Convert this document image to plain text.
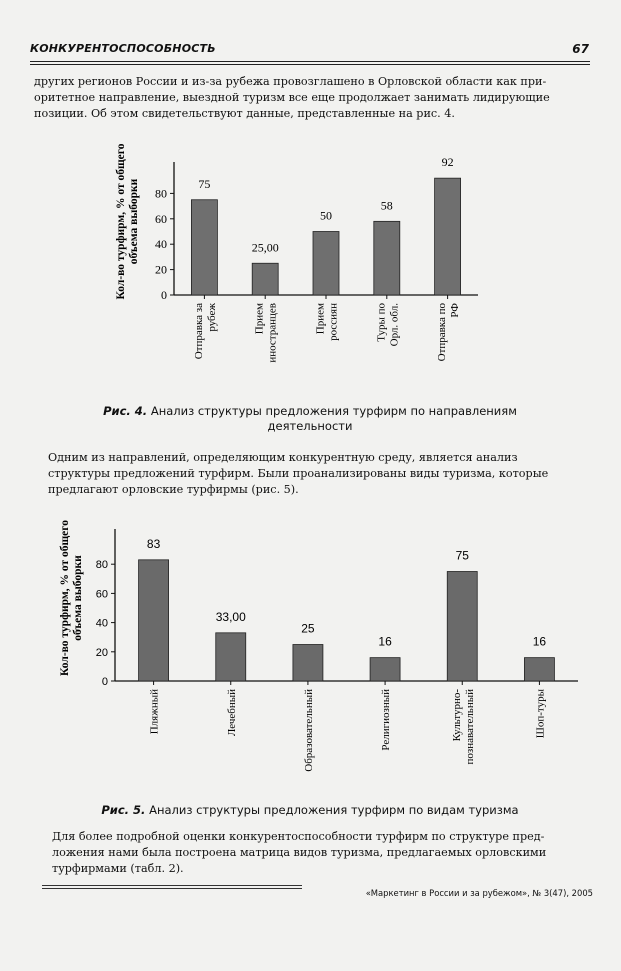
КОНКУРЕНТОСПОСОБНОСТЬ	67
других регионов России и из-за рубежа провозглашено в Орловской области как при-
оритетное направление, выездной туризм все еще продолжает занимать лидирующие
позиции. Об этом свидетельствуют данные, представленные на рис. 4.
Кол-во турфирм, % от общего объема выборки
0
20
40
60
80
75
Отправка за рубеж
25,00
Прием иностранцев
50
Прием россиян
58
Туры по Орл. обл.
92
Отправка по РФ
Рис. 4. Анализ структуры предложения турфирм по направлениям
деятельности
Одним из направлений, определяющим конкурентную среду, является анализ
структуры предложений турфирм. Были проанализированы виды туризма, которые
предлагают орловские турфирмы (рис. 5).
Кол-во турфирм, % от общего объема выборки
0
20
40
60
80
83
Пляжный
33,00
Лечебный
25
Образовательный
16
Религиозный
75
Культурно- познавательный
16
Шоп-туры
Рис. 5. Анализ структуры предложения турфирм по видам туризма
Для более подробной оценки конкурентоспособности турфирм по структуре пред-
ложения нами была построена матрица видов туризма, предлагаемых орловскими
турфирмами (табл. 2).
«Маркетинг в России и за рубежом», № 3(47), 2005
